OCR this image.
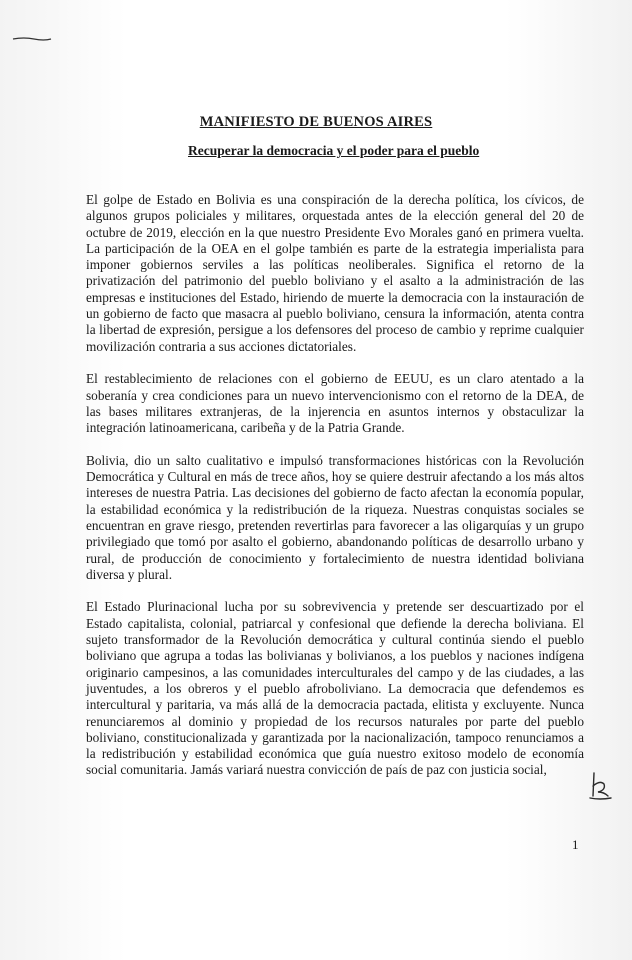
MANIFIESTO DE BUENOS AIRES
Recuperar la democracia y el poder para el pueblo

El golpe de Estado en Bolivia es una conspiración de la derecha política, los cívicos, de algunos grupos policiales y militares, orquestada antes de la elección general del 20 de octubre de 2019, elección en la que nuestro Presidente Evo Morales ganó en primera vuelta. La participación de la OEA en el golpe también es parte de la estrategia imperialista para imponer gobiernos serviles a las políticas neoliberales. Significa el retorno de la privatización del patrimonio del pueblo boliviano y el asalto a la administración de las empresas e instituciones del Estado, hiriendo de muerte la democracia con la instauración de un gobierno de facto que masacra al pueblo boliviano, censura la información, atenta contra la libertad de expresión, persigue a los defensores del proceso de cambio y reprime cualquier movilización contraria a sus acciones dictatoriales.

El restablecimiento de relaciones con el gobierno de EEUU, es un claro atentado a la soberanía y crea condiciones para un nuevo intervencionismo con el retorno de la DEA, de las bases militares extranjeras, de la injerencia en asuntos internos y obstaculizar la integración latinoamericana, caribeña y de la Patria Grande.

Bolivia, dio un salto cualitativo e impulsó transformaciones históricas con la Revolución Democrática y Cultural en más de trece años, hoy se quiere destruir afectando a los más altos intereses de nuestra Patria. Las decisiones del gobierno de facto afectan la economía popular, la estabilidad económica y la redistribución de la riqueza. Nuestras conquistas sociales se encuentran en grave riesgo, pretenden revertirlas para favorecer a las oligarquías y un grupo privilegiado que tomó por asalto el gobierno, abandonando políticas de desarrollo urbano y rural, de producción de conocimiento y fortalecimiento de nuestra identidad boliviana diversa y plural.

El Estado Plurinacional lucha por su sobrevivencia y pretende ser descuartizado por el Estado capitalista, colonial, patriarcal y confesional que defiende la derecha boliviana. El sujeto transformador de la Revolución democrática y cultural continúa siendo el pueblo boliviano que agrupa a todas las bolivianas y bolivianos, a los pueblos y naciones indígena originario campesinos, a las comunidades interculturales del campo y de las ciudades, a las juventudes, a los obreros y el pueblo afroboliviano. La democracia que defendemos es intercultural y paritaria, va más allá de la democracia pactada, elitista y excluyente. Nunca renunciaremos al dominio y propiedad de los recursos naturales por parte del pueblo boliviano, constitucionalizada y garantizada por la nacionalización, tampoco renunciamos a la redistribución y estabilidad económica que guía nuestro exitoso modelo de economía social comunitaria. Jamás variará nuestra convicción de país de paz con justicia social,

1
